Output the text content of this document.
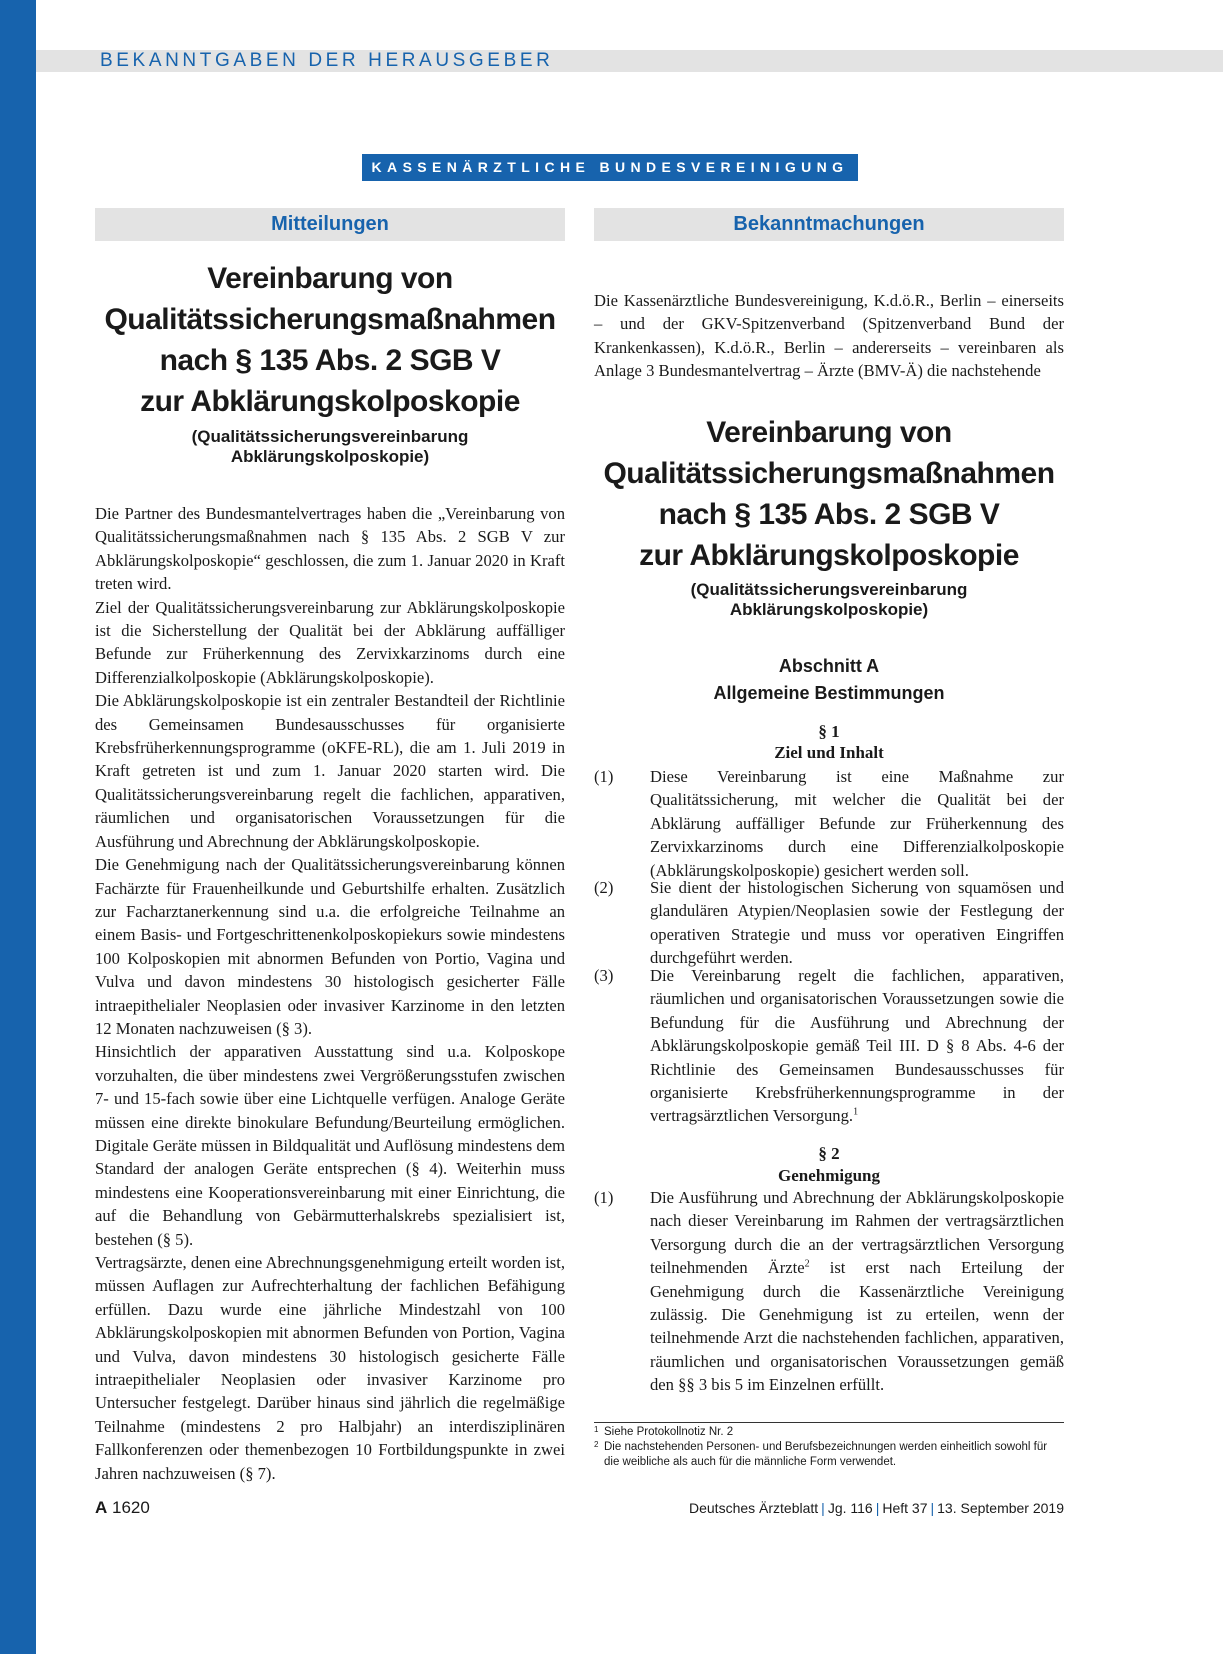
BEKANNTGABEN DER HERAUSGEBER
KASSENÄRZTLICHE BUNDESVEREINIGUNG
Mitteilungen	Bekanntmachungen
Vereinbarung von
Qualitätssicherungsmaßnahmen
nach § 135 Abs. 2 SGB V
zur Abklärungskolposkopie
(Qualitätssicherungsvereinbarung Abklärungskolposkopie)

Die Partner des Bundesmantelvertrages haben die „Vereinbarung von Qualitätssicherungsmaßnahmen nach § 135 Abs. 2 SGB V zur Abklärungskolposkopie“ geschlossen, die zum 1. Januar 2020 in Kraft treten wird.

Ziel der Qualitätssicherungsvereinbarung zur Abklärungskolposkopie ist die Sicherstellung der Qualität bei der Abklärung auffälliger Befunde zur Früherkennung des Zervixkarzinoms durch eine Differenzialkolposkopie (Abklärungskolposkopie).

Die Abklärungskolposkopie ist ein zentraler Bestandteil der Richtlinie des Gemeinsamen Bundesausschusses für organisierte Krebsfrüherkennungsprogramme (oKFE-RL), die am 1. Juli 2019 in Kraft getreten ist und zum 1. Januar 2020 starten wird. Die Qualitätssicherungsvereinbarung regelt die fachlichen, apparativen, räumlichen und organisatorischen Voraussetzungen für die Ausführung und Abrechnung der Abklärungskolposkopie.

Die Genehmigung nach der Qualitätssicherungsvereinbarung können Fachärzte für Frauenheilkunde und Geburtshilfe erhalten. Zusätzlich zur Facharztanerkennung sind u.a. die erfolgreiche Teilnahme an einem Basis- und Fortgeschrittenenkolposkopiekurs sowie mindestens 100 Kolposkopien mit abnormen Befunden von Portio, Vagina und Vulva und davon mindestens 30 histologisch gesicherter Fälle intraepithelialer Neoplasien oder invasiver Karzinome in den letzten 12 Monaten nachzuweisen (§ 3).

Hinsichtlich der apparativen Ausstattung sind u.a. Kolposkope vorzuhalten, die über mindestens zwei Vergrößerungsstufen zwischen 7- und 15-fach sowie über eine Lichtquelle verfügen. Analoge Geräte müssen eine direkte binokulare Befundung/Beurteilung ermöglichen. Digitale Geräte müssen in Bildqualität und Auflösung mindestens dem Standard der analogen Geräte entsprechen (§ 4). Weiterhin muss mindestens eine Kooperationsvereinbarung mit einer Einrichtung, die auf die Behandlung von Gebärmutterhalskrebs spezialisiert ist, bestehen (§ 5).

Vertragsärzte, denen eine Abrechnungsgenehmigung erteilt worden ist, müssen Auflagen zur Aufrechterhaltung der fachlichen Befähigung erfüllen. Dazu wurde eine jährliche Mindestzahl von 100 Abklärungskolposkopien mit abnormen Befunden von Portion, Vagina und Vulva, davon mindestens 30 histologisch gesicherte Fälle intraepithelialer Neoplasien oder invasiver Karzinome pro Untersucher festgelegt. Darüber hinaus sind jährlich die regelmäßige Teilnahme (mindestens 2 pro Halbjahr) an interdisziplinären Fallkonferenzen oder themenbezogen 10 Fortbildungspunkte in zwei Jahren nachzuweisen (§ 7).

Die Kassenärztliche Bundesvereinigung, K.d.ö.R., Berlin – einerseits – und der GKV-Spitzenverband (Spitzenverband Bund der Krankenkassen), K.d.ö.R., Berlin – andererseits – vereinbaren als Anlage 3 Bundesmantelvertrag – Ärzte (BMV-Ä) die nachstehende
Vereinbarung von
Qualitätssicherungsmaßnahmen
nach § 135 Abs. 2 SGB V
zur Abklärungskolposkopie
(Qualitätssicherungsvereinbarung Abklärungskolposkopie)
Abschnitt A
Allgemeine Bestimmungen
§ 1
Ziel und Inhalt
(1) Diese Vereinbarung ist eine Maßnahme zur Qualitätssicherung, mit welcher die Qualität bei der Abklärung auffälliger Befunde zur Früherkennung des Zervixkarzinoms durch eine Differenzialkolposkopie (Abklärungskolposkopie) gesichert werden soll.
(2) Sie dient der histologischen Sicherung von squamösen und glandulären Atypien/Neoplasien sowie der Festlegung der operativen Strategie und muss vor operativen Eingriffen durchgeführt werden.
(3) Die Vereinbarung regelt die fachlichen, apparativen, räumlichen und organisatorischen Voraussetzungen sowie die Befundung für die Ausführung und Abrechnung der Abklärungskolposkopie gemäß Teil III. D § 8 Abs. 4-6 der Richtlinie des Gemeinsamen Bundesausschusses für organisierte Krebsfrüherkennungsprogramme in der vertragsärztlichen Versorgung.$^1$
§ 2
Genehmigung
(1) Die Ausführung und Abrechnung der Abklärungskolposkopie nach dieser Vereinbarung im Rahmen der vertragsärztlichen Versorgung durch die an der vertragsärztlichen Versorgung teilnehmenden Ärzte$^2$ ist erst nach Erteilung der Genehmigung durch die Kassenärztliche Vereinigung zulässig. Die Genehmigung ist zu erteilen, wenn der teilnehmende Arzt die nachstehenden fachlichen, apparativen, räumlichen und organisatorischen Voraussetzungen gemäß den §§ 3 bis 5 im Einzelnen erfüllt.
1 Siehe Protokollnotiz Nr. 2
2 Die nachstehenden Personen- und Berufsbezeichnungen werden einheitlich sowohl für die weibliche als auch für die männliche Form verwendet.
A 1620	Deutsches Ärzteblatt | Jg. 116 | Heft 37 | 13. September 2019
